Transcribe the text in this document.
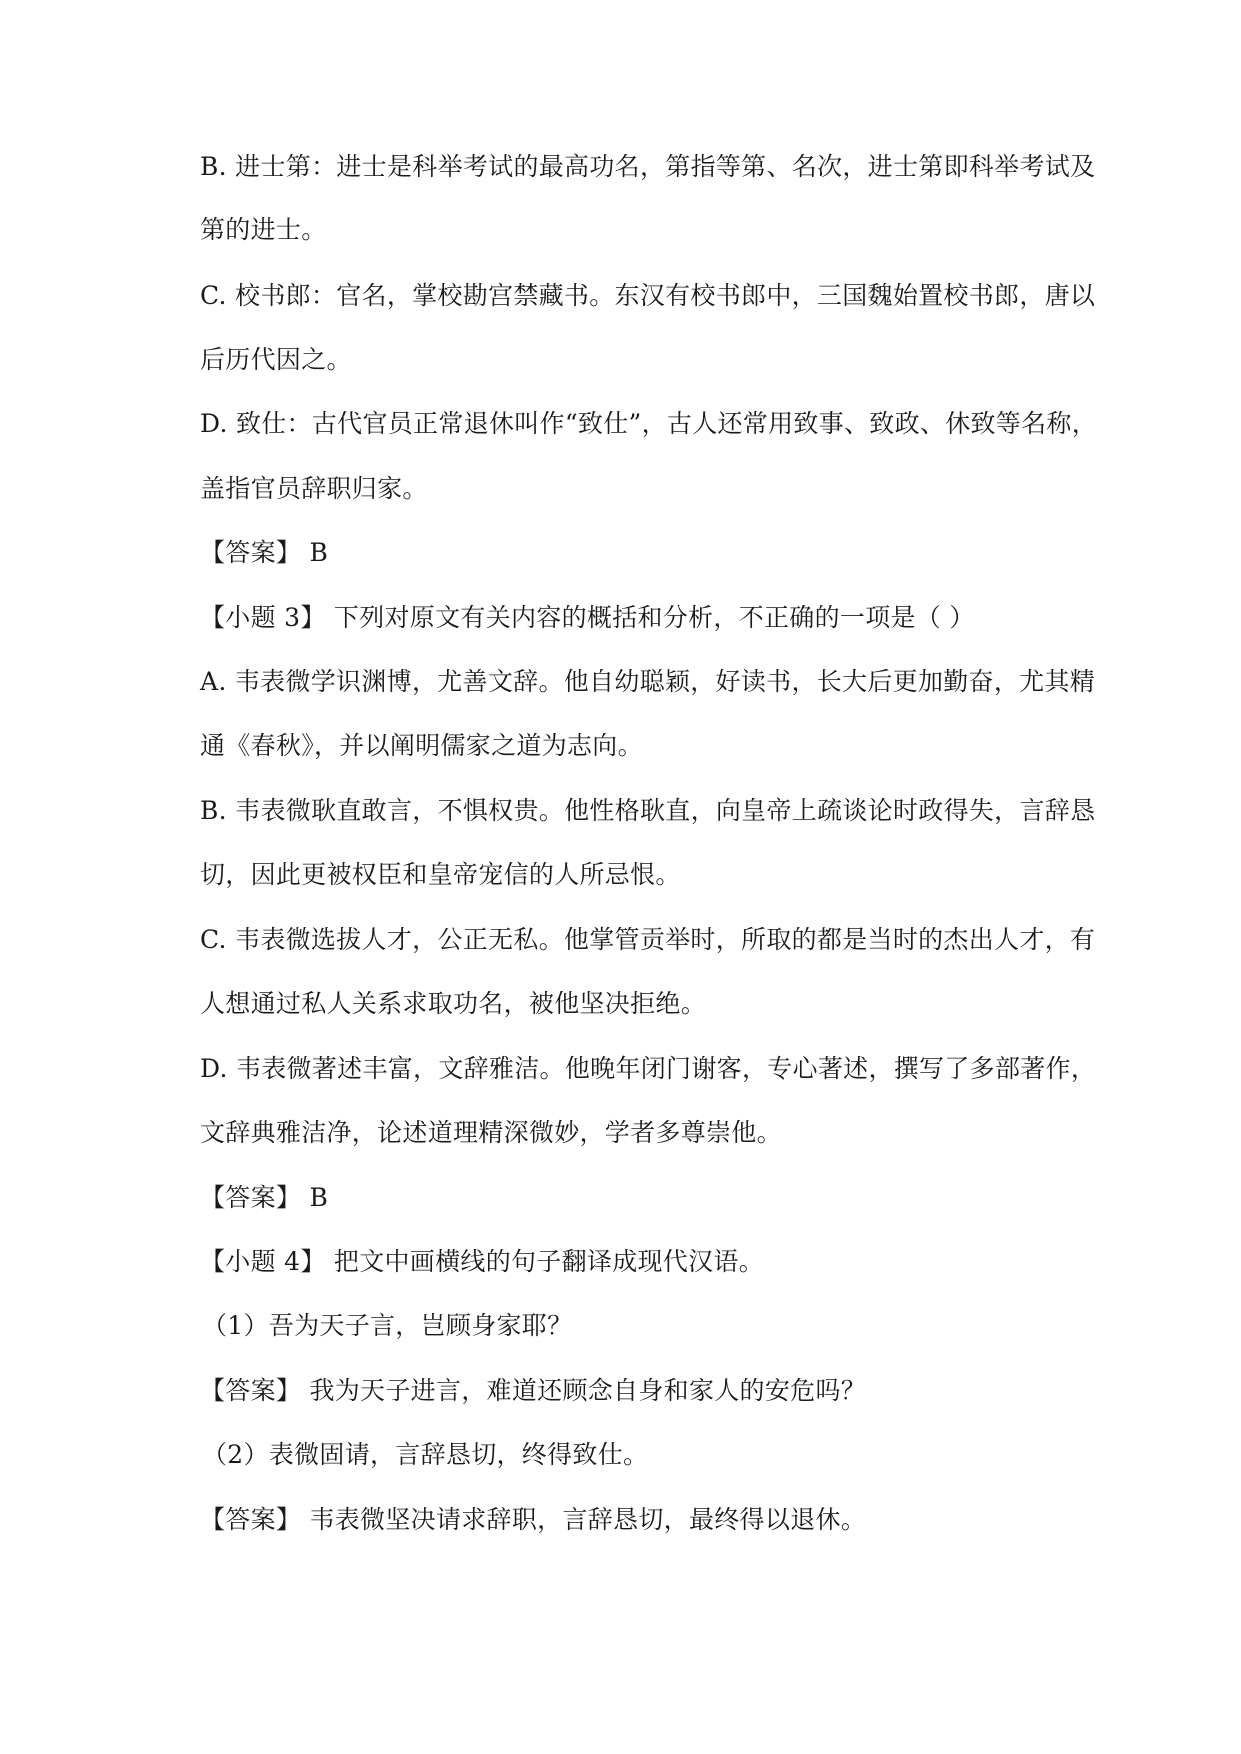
B. 进士第：进士是科举考试的最高功名，第指等第、名次，进士第即科举考试及
第的进士。
C. 校书郎：官名，掌校勘宫禁藏书。东汉有校书郎中，三国魏始置校书郎，唐以
后历代因之。
D. 致仕：古代官员正常退休叫作“致仕”，古人还常用致事、致政、休致等名称，
盖指官员辞职归家。
【答案】 B
【小题 3】 下列对原文有关内容的概括和分析，不正确的一项是（ ）
A. 韦表微学识渊博，尤善文辞。他自幼聪颖，好读书，长大后更加勤奋，尤其精
通《春秋》，并以阐明儒家之道为志向。
B. 韦表微耿直敢言，不惧权贵。他性格耿直，向皇帝上疏谈论时政得失，言辞恳
切，因此更被权臣和皇帝宠信的人所忌恨。
C. 韦表微选拔人才，公正无私。他掌管贡举时，所取的都是当时的杰出人才，有
人想通过私人关系求取功名，被他坚决拒绝。
D. 韦表微著述丰富，文辞雅洁。他晚年闭门谢客，专心著述，撰写了多部著作，
文辞典雅洁净，论述道理精深微妙，学者多尊崇他。
【答案】 B
【小题 4】 把文中画横线的句子翻译成现代汉语。
（1）吾为天子言，岂顾身家耶？
【答案】 我为天子进言，难道还顾念自身和家人的安危吗？
（2）表微固请，言辞恳切，终得致仕。
【答案】 韦表微坚决请求辞职，言辞恳切，最终得以退休。
